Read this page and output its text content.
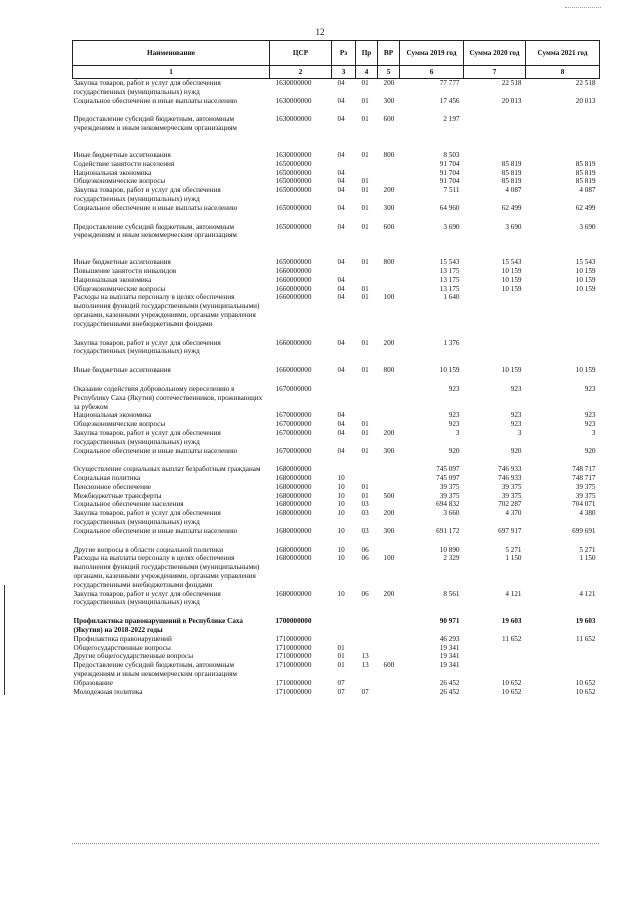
12
Наименование	ЦСР	Рз	Пр	ВР	Сумма 2019 год	Сумма 2020 год	Сумма 2021 год
1	2	3	4	5	6	7	8
Закупка товаров, работ и услуг для обеспечения государственных (муниципальных) нужд	1630000000	04	01	200	77 777	22 518	22 518
Социальное обеспечение и иные выплаты населению	1630000000	04	01	300	17 456	20 013	20 013

Предоставление субсидий бюджетным, автономным учреждениям и иным некоммерческим организациям	1630000000	04	01	600	2 197		

Иные бюджетные ассигнования	1630000000	04	01	800	8 503		
Содействие занятости населения	1650000000				91 704	85 819	85 819
Национальная экономика	1650000000	04			91 704	85 819	85 819
Общеэкономические вопросы	1650000000	04	01		91 704	85 819	85 819
Закупка товаров, работ и услуг для обеспечения государственных (муниципальных) нужд	1650000000	04	01	200	7 511	4 087	4 087
Социальное обеспечение и иные выплаты населению	1650000000	04	01	300	64 960	62 499	62 499

Предоставление субсидий бюджетным, автономным учреждениям и иным некоммерческим организациям	1650000000	04	01	600	3 690	3 690	3 690

Иные бюджетные ассигнования	1650000000	04	01	800	15 543	15 543	15 543
Повышение занятости инвалидов	1660000000				13 175	10 159	10 159
Национальная экономика	1660000000	04			13 175	10 159	10 159
Общеэкономические вопросы	1660000000	04	01		13 175	10 159	10 159
Расходы на выплаты персоналу в целях обеспечения выполнения функций государственными (муниципальными) органами, казенными учреждениями, органами управления государственными внебюджетными фондами	1660000000	04	01	100	1 640		

Закупка товаров, работ и услуг для обеспечения государственных (муниципальных) нужд	1660000000	04	01	200	1 376		

Иные бюджетные ассигнования	1660000000	04	01	800	10 159	10 159	10 159

Оказание содействия добровольному переселению в Республику Саха (Якутия) соотечественников, проживающих за рубежом	1670000000				923	923	923
Национальная экономика	1670000000	04			923	923	923
Общеэкономические вопросы	1670000000	04	01		923	923	923
Закупка товаров, работ и услуг для обеспечения государственных (муниципальных) нужд	1670000000	04	01	200	3	3	3
Социальное обеспечение и иные выплаты населению	1670000000	04	01	300	920	920	920

Осуществление социальных выплат безработным гражданам	1680000000				745 097	746 933	748 717
Социальная политика	1680000000	10			745 097	746 933	748 717
Пенсионное обеспечение	1680000000	10	01		39 375	39 375	39 375
Межбюджетные трансферты	1680000000	10	01	500	39 375	39 375	39 375
Социальное обеспечение населения	1680000000	10	03		694 832	702 287	704 071
Закупка товаров, работ и услуг для обеспечения государственных (муниципальных) нужд	1680000000	10	03	200	3 660	4 370	4 380
Социальное обеспечение и иные выплаты населению	1680000000	10	03	300	691 172	697 917	699 691

Другие вопросы в области социальной политики	1680000000	10	06		10 890	5 271	5 271
Расходы на выплаты персоналу в целях обеспечения выполнения функций государственными (муниципальными) органами, казенными учреждениями, органами управления государственными внебюджетными фондами	1680000000	10	06	100	2 329	1 150	1 150
Закупка товаров, работ и услуг для обеспечения государственных (муниципальных) нужд	1680000000	10	06	200	8 561	4 121	4 121

Профилактика правонарушений в Республике Саха (Якутия) на 2018-2022 годы	1700000000				90 971	19 603	19 603
Профилактика правонарушений	1710000000				46 293	11 652	11 652
Общегосударственные вопросы	1710000000	01			19 341		
Другие общегосударственные вопросы	1710000000	01	13		19 341		
Предоставление субсидий бюджетным, автономным учреждениям и иным некоммерческим организациям	1710000000	01	13	600	19 341		
Образование	1710000000	07			26 452	10 652	10 652
Молодежная политика	1710000000	07	07		26 452	10 652	10 652
